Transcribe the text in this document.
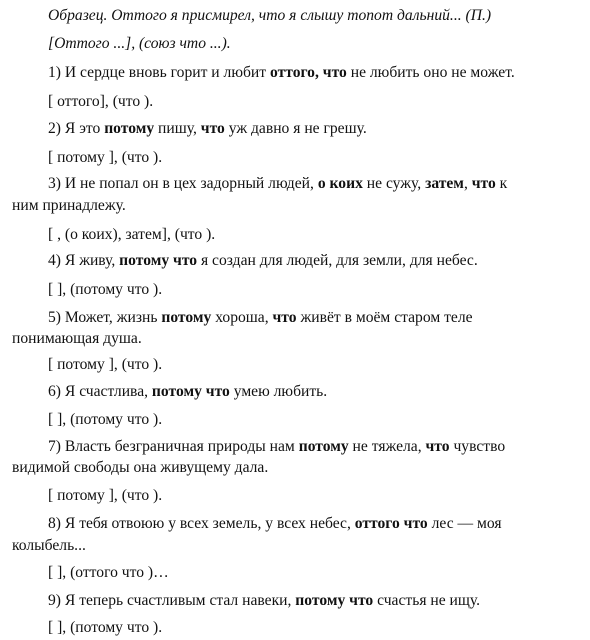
Образец. Оттого я присмирел, что я слышу топот дальний... (П.)
[Оттого ...], (союз что ...).
1) И сердце вновь горит и любит оттого, что не любить оно не может.
[ оттого], (что ).
2) Я это потому пишу, что уж давно я не грешу.
[ потому ], (что ).
3) И не попал он в цех задорный людей, о коих не сужу, затем, что к
ним принадлежу.
[ , (о коих), затем], (что ).
4) Я живу, потому что я создан для людей, для земли, для небес.
[ ], (потому что ).
5) Может, жизнь потому хороша, что живёт в моём старом теле
понимающая душа.
[ потому ], (что ).
6) Я счастлива, потому что умею любить.
[ ], (потому что ).
7) Власть безграничная природы нам потому не тяжела, что чувство
видимой свободы она живущему дала.
[ потому ], (что ).
8) Я тебя отвоюю у всех земель, у всех небес, оттого что лес — моя
колыбель...
[ ], (оттого что )…
9) Я теперь счастливым стал навеки, потому что счастья не ищу.
[ ], (потому что ).
